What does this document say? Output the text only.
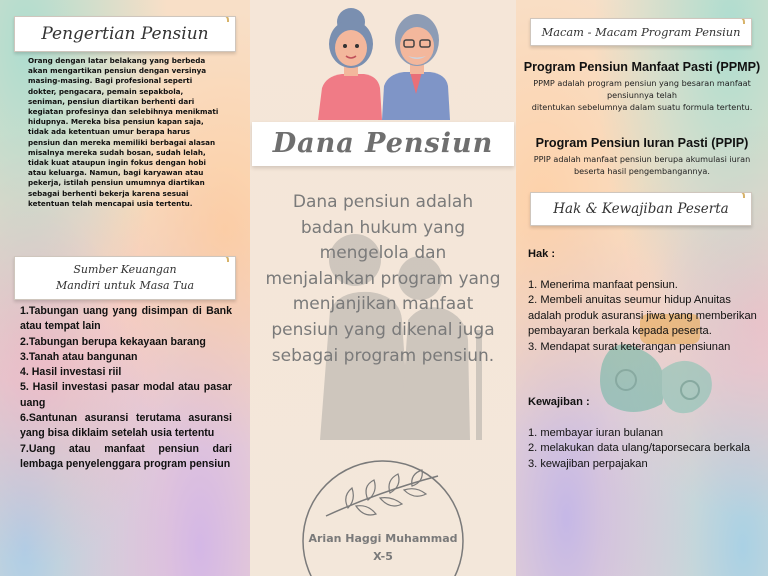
Pengertian Pensiun

Orang dengan latar belakang yang berbeda akan mengartikan pensiun dengan versinya masing-masing. Bagi profesional seperti dokter, pengacara, pemain sepakbola, seniman, pensiun diartikan berhenti dari kegiatan profesinya dan selebihnya menikmati hidupnya. Mereka bisa pensiun kapan saja, tidak ada ketentuan umur berapa harus pensiun dan mereka memiliki berbagai alasan misalnya mereka sudah bosan, sudah lelah, tidak kuat ataupun ingin fokus dengan hobi atau keluarga. Namun, bagi karyawan atau pekerja, istilah pensiun umumnya diartikan sebagai berhenti bekerja karena sesuai ketentuan telah mencapai usia tertentu.

Sumber Keuangan
Mandiri untuk Masa Tua
1.Tabungan uang yang disimpan di Bank atau tempat lain
2.Tabungan berupa kekayaan barang
3.Tanah atau bangunan
4. Hasil investasi riil
5. Hasil investasi pasar modal atau pasar uang
6.Santunan asuransi terutama asuransi yang bisa diklaim setelah usia tertentu
7.Uang atau manfaat pensiun dari lembaga penyelenggara program pensiun
Dana Pensiun

Dana pensiun adalah badan hukum yang mengelola dan menjalankan program yang menjanjikan manfaat pensiun yang dikenal juga sebagai program pensiun.

Arian Haggi Muhammad
X-5
Macam - Macam Program Pensiun
Program Pensiun Manfaat Pasti (PPMP)
PPMP adalah program pensiun yang besaran manfaat pensiunnya telah
ditentukan sebelumnya dalam suatu formula tertentu.
Program Pensiun Iuran Pasti (PPIP)
PPIP adalah manfaat pensiun berupa akumulasi iuran beserta hasil pengembangannya.
Hak & Kewajiban Peserta
Hak :
1. Menerima manfaat pensiun.
2. Membeli anuitas seumur hidup Anuitas adalah produk asuransi jiwa yang memberikan pembayaran berkala kepada peserta.
3. Mendapat surat keterangan pensiunan
Kewajiban :
1. membayar iuran bulanan
2. melakukan data ulang/taporsecara berkala
3. kewajiban perpajakan
